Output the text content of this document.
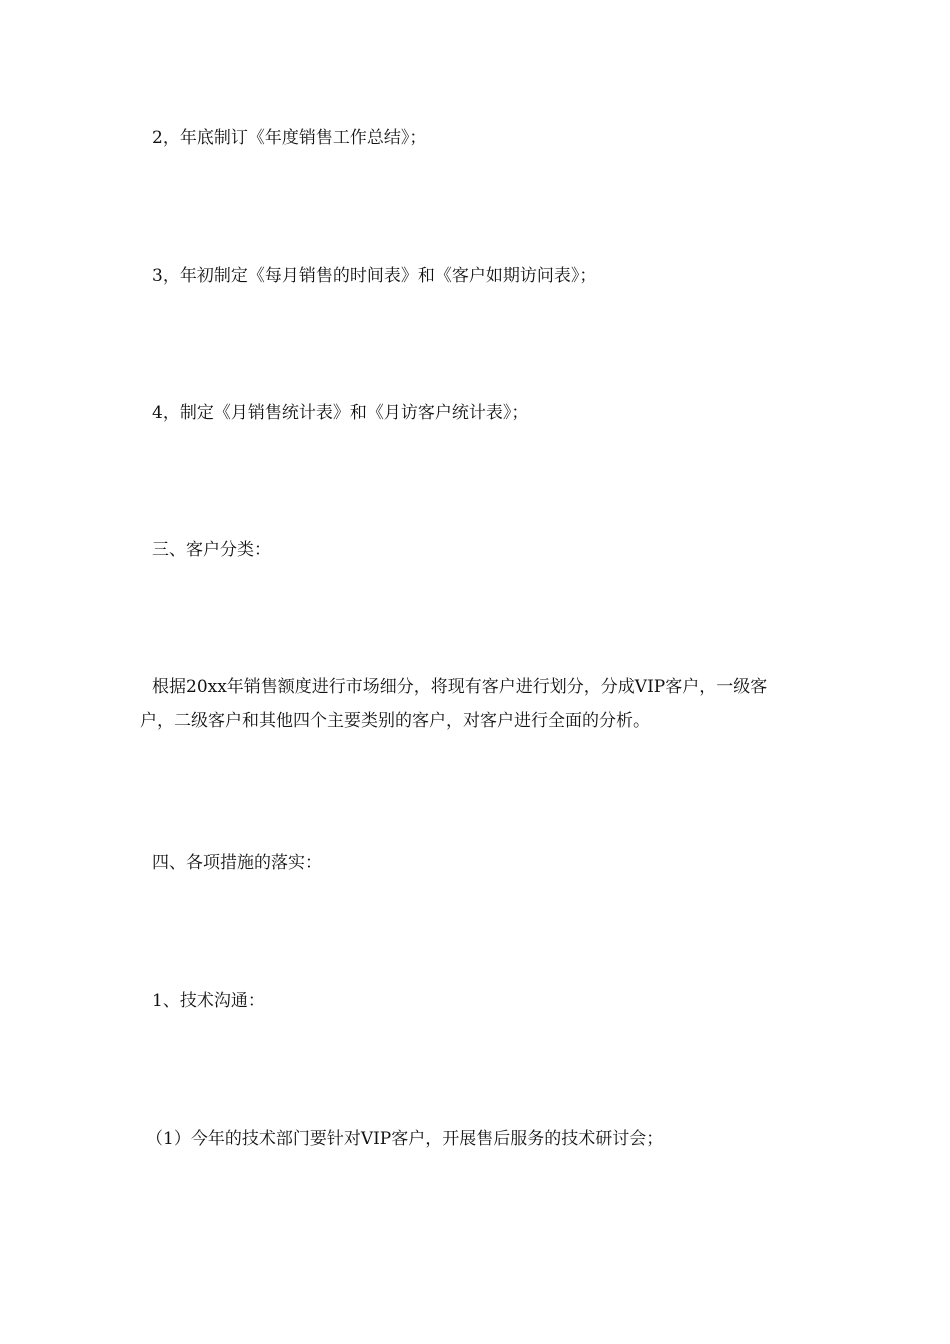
2，年底制订《年度销售工作总结》；

3，年初制定《每月销售的时间表》和《客户如期访问表》；

4，制定《月销售统计表》和《月访客户统计表》；

三、客户分类：

根据20xx年销售额度进行市场细分，将现有客户进行划分，分成VIP客户，一级客户，二级客户和其他四个主要类别的客户，对客户进行全面的分析。

四、各项措施的落实：

1、技术沟通：

（1）今年的技术部门要针对VIP客户，开展售后服务的技术研讨会；
